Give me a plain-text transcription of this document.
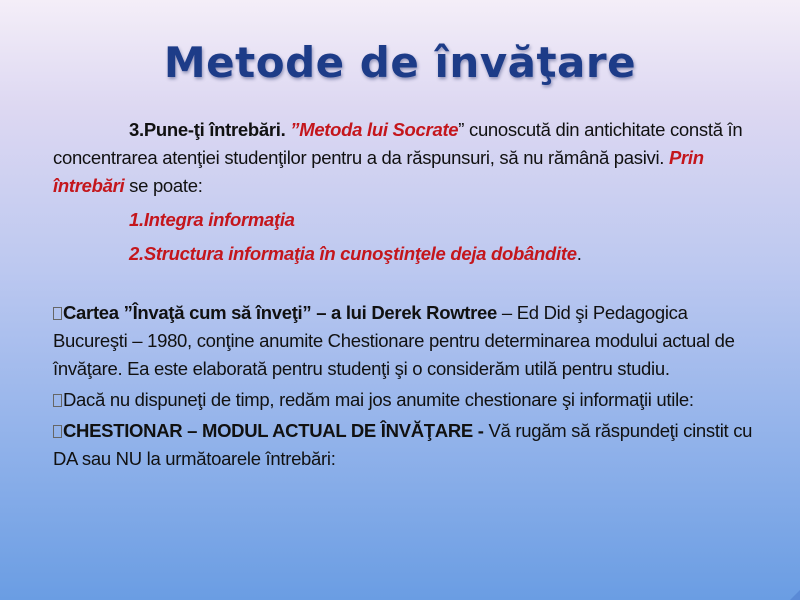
Metode de învăţare

3.Pune-ţi întrebări. ”Metoda lui Socrate” cunoscută din antichitate constă în concentrarea atenţiei studenţilor pentru a da răspunsuri, să nu rămână pasivi. Prin întrebări se poate:

1.Integra informaţia

2.Structura informaţia în cunoştinţele deja dobândite.

Cartea ”Învaţă cum să înveţi” – a lui Derek Rowtree – Ed Did şi Pedagogica Bucureşti – 1980, conţine anumite Chestionare pentru determinarea modului actual de învăţare. Ea este elaborată pentru studenţi şi o considerăm utilă pentru studiu.

Dacă nu dispuneţi de timp, redăm mai jos anumite chestionare şi informaţii utile:

CHESTIONAR – MODUL ACTUAL DE ÎNVĂŢARE - Vă rugăm să răspundeţi cinstit cu DA sau NU la următoarele întrebări:
